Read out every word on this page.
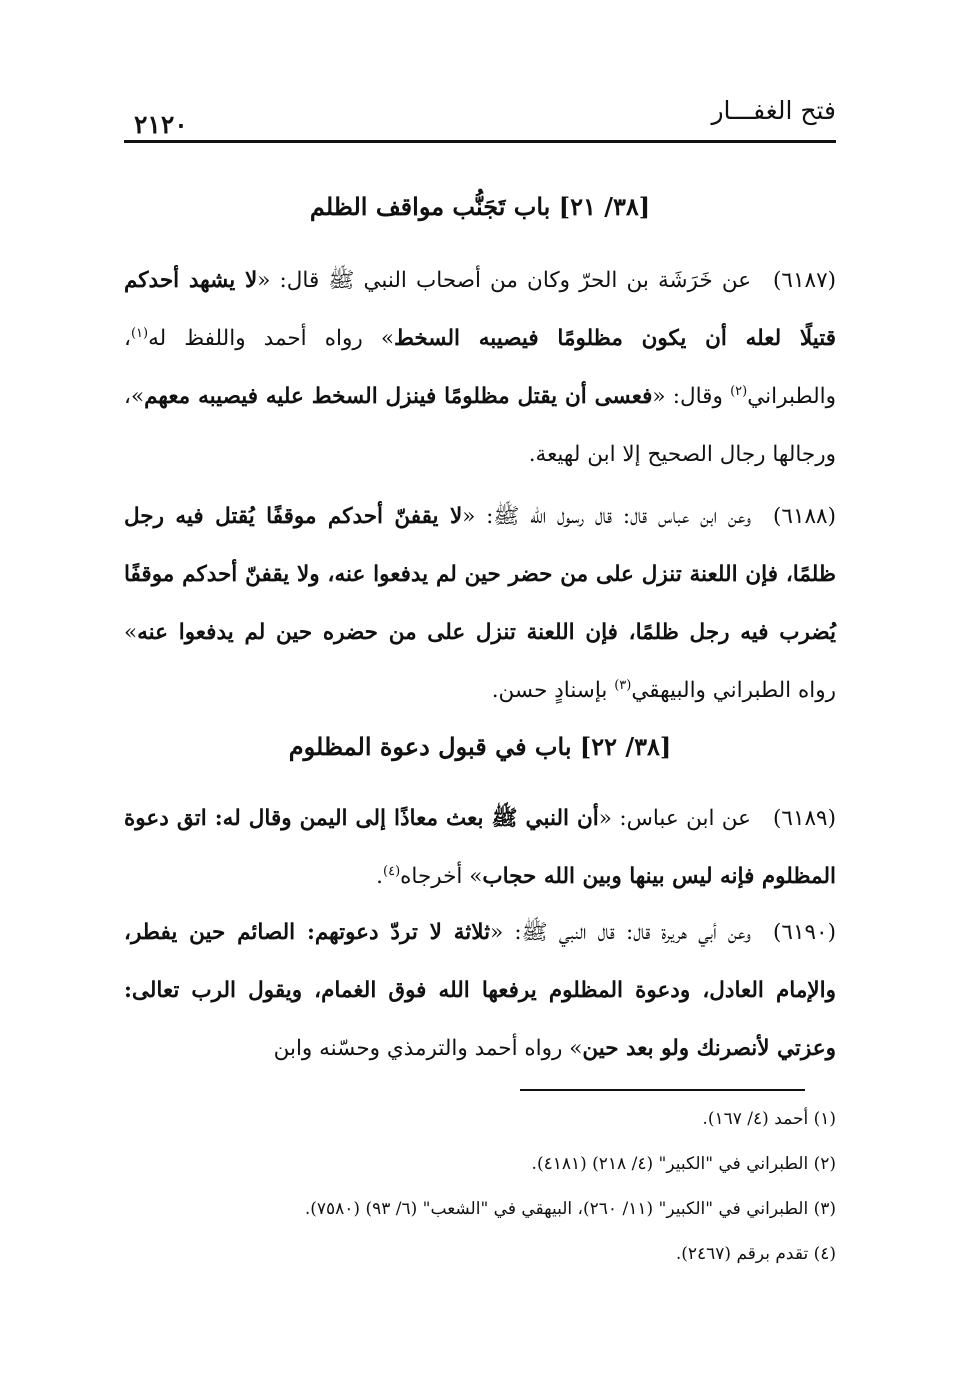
فتح الغفـــار
٢١٢٠
[٣٨/ ٢١] باب تَجَنُّب مواقف الظلم
(٦١٨٧)عن خَرَشَة بن الحرّ وكان من أصحاب النبي ﷺ قال: «لا يشهد أحدكم قتيلًا لعله أن يكون مظلومًا فيصيبه السخط» رواه أحمد واللفظ له$^{(١)}$، والطبراني$^{(٢)}$ وقال: «فعسى أن يقتل مظلومًا فينزل السخط عليه فيصيبه معهم»، ورجالها رجال الصحيح إلا ابن لهيعة.
(٦١٨٨)وعن ابن عباس قال: قال رسول الله ﷺ: «لا يقفنّ أحدكم موقفًا يُقتل فيه رجل ظلمًا، فإن اللعنة تنزل على من حضر حين لم يدفعوا عنه، ولا يقفنّ أحدكم موقفًا يُضرب فيه رجل ظلمًا، فإن اللعنة تنزل على من حضره حين لم يدفعوا عنه» رواه الطبراني والبيهقي$^{(٣)}$ بإسنادٍ حسن.
[٣٨/ ٢٢] باب في قبول دعوة المظلوم
(٦١٨٩)عن ابن عباس: «أن النبي ﷺ بعث معاذًا إلى اليمن وقال له: اتق دعوة المظلوم فإنه ليس بينها وبين الله حجاب» أخرجاه$^{(٤)}$.
(٦١٩٠)وعن أبي هريرة قال: قال النبي ﷺ: «ثلاثة لا تردّ دعوتهم: الصائم حين يفطر، والإمام العادل، ودعوة المظلوم يرفعها الله فوق الغمام، ويقول الرب تعالى: وعزتي لأنصرنك ولو بعد حين» رواه أحمد والترمذي وحسّنه وابن
(١) أحمد (٤/ ١٦٧).
(٢) الطبراني في "الكبير" (٤/ ٢١٨) (٤١٨١).
(٣) الطبراني في "الكبير" (١١/ ٢٦٠)، البيهقي في "الشعب" (٦/ ٩٣) (٧٥٨٠).
(٤) تقدم برقم (٢٤٦٧).
